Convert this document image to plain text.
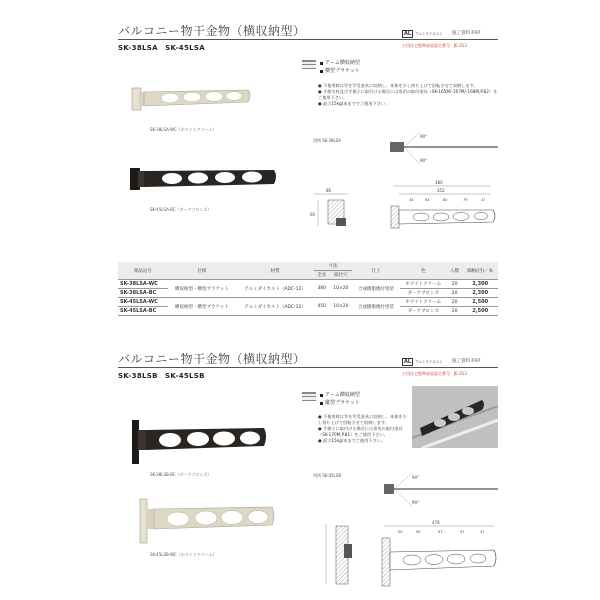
バルコニー物干金物（横収納型）	AL	アルミダイカスト 施工資料 P.97
SK-38LSA　SK-45LSA	公団住宅標準部品認定番号　JE-313
SK-38LSA-WC（ホワイトクリーム）
SK-45LSA-BC（ダークブロンズ）
アーム横収納型
横型ブラケット
● 不使用時は竿を竿受金具に収納し、本体を少し持ち上げて回転させて収納します。
● 手摺支柱及び手摺子に取付ける場合には専用の取付金具（SK-165M/-167M/-168M,P.82）をご使用下さい。
● 最大15kg/本まででご使用下さい。
図例 SK-38LSA
90°
90°
86
60
380
352
44	64	80	79	47
商品記号	仕様	材質	寸法		仕上	色	入数	価格(円)／本
			全長	取付穴				
SK-38LSA-WC	横収納型・横型ブラケット	アルミダイカスト（ADC-12）	380	10×20	合成樹脂焼付塗装	ホワイトクリーム	20	2,300
SK-38LSA-BC						ダークブロンズ	20	2,300
SK-45LSA-WC	横収納型・横型ブラケット	アルミダイカスト（ADC-12）	450	10×20	合成樹脂焼付塗装	ホワイトクリーム	20	2,500
SK-45LSA-BC						ダークブロンズ	20	2,500
バルコニー物干金物（横収納型）	AL	アルミダイカスト 施工資料 P.97
SK-38LSB　SK-45LSB	公団住宅標準部品認定番号　JE-313
SK-38LSB-BC（ダークブロンズ）
SK-45LSB-WC（ホワイトクリーム）
アーム横収納型
縦型ブラケット
● 不使用時は竿を竿受金具に収納し、本体を少し持ち上げて回転させて収納します。
● 手摺子に取付ける場合には専用の取付金具（SK-170M,P.81）をご使用下さい。
● 最大15kg/本までご使用下さい。
図例 SK-45LSB	90°
90°
478
50	90	97	97	47
